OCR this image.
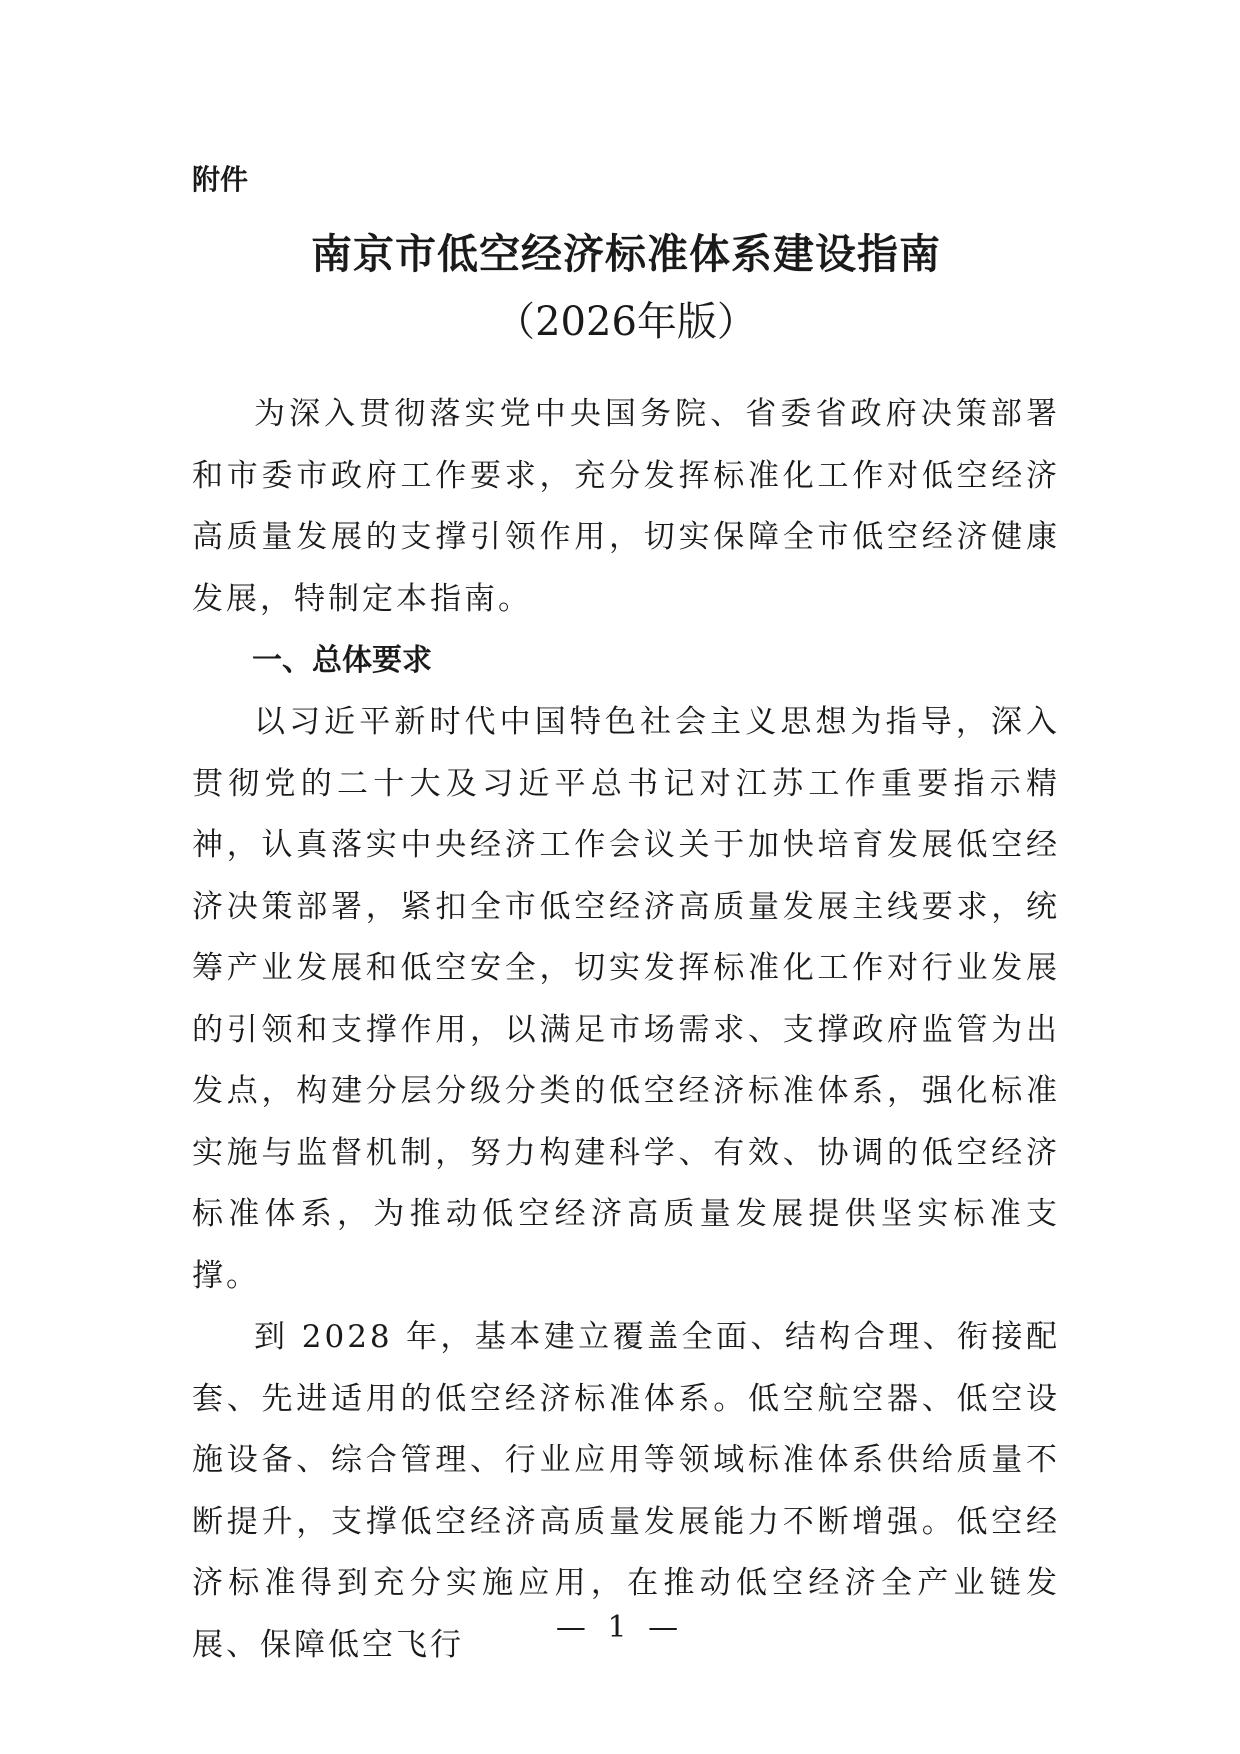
附件
南京市低空经济标准体系建设指南
（2026年版）

为深入贯彻落实党中央国务院、省委省政府决策部署和市委市政府工作要求，充分发挥标准化工作对低空经济高质量发展的支撑引领作用，切实保障全市低空经济健康发展，特制定本指南。

一、总体要求

以习近平新时代中国特色社会主义思想为指导，深入贯彻党的二十大及习近平总书记对江苏工作重要指示精神，认真落实中央经济工作会议关于加快培育发展低空经济决策部署，紧扣全市低空经济高质量发展主线要求，统筹产业发展和低空安全，切实发挥标准化工作对行业发展的引领和支撑作用，以满足市场需求、支撑政府监管为出发点，构建分层分级分类的低空经济标准体系，强化标准实施与监督机制，努力构建科学、有效、协调的低空经济标准体系，为推动低空经济高质量发展提供坚实标准支撑。

到 2028 年，基本建立覆盖全面、结构合理、衔接配套、先进适用的低空经济标准体系。低空航空器、低空设施设备、综合管理、行业应用等领域标准体系供给质量不断提升，支撑低空经济高质量发展能力不断增强。低空经济标准得到充分实施应用，在推动低空经济全产业链发展、保障低空飞行	— 1 —
